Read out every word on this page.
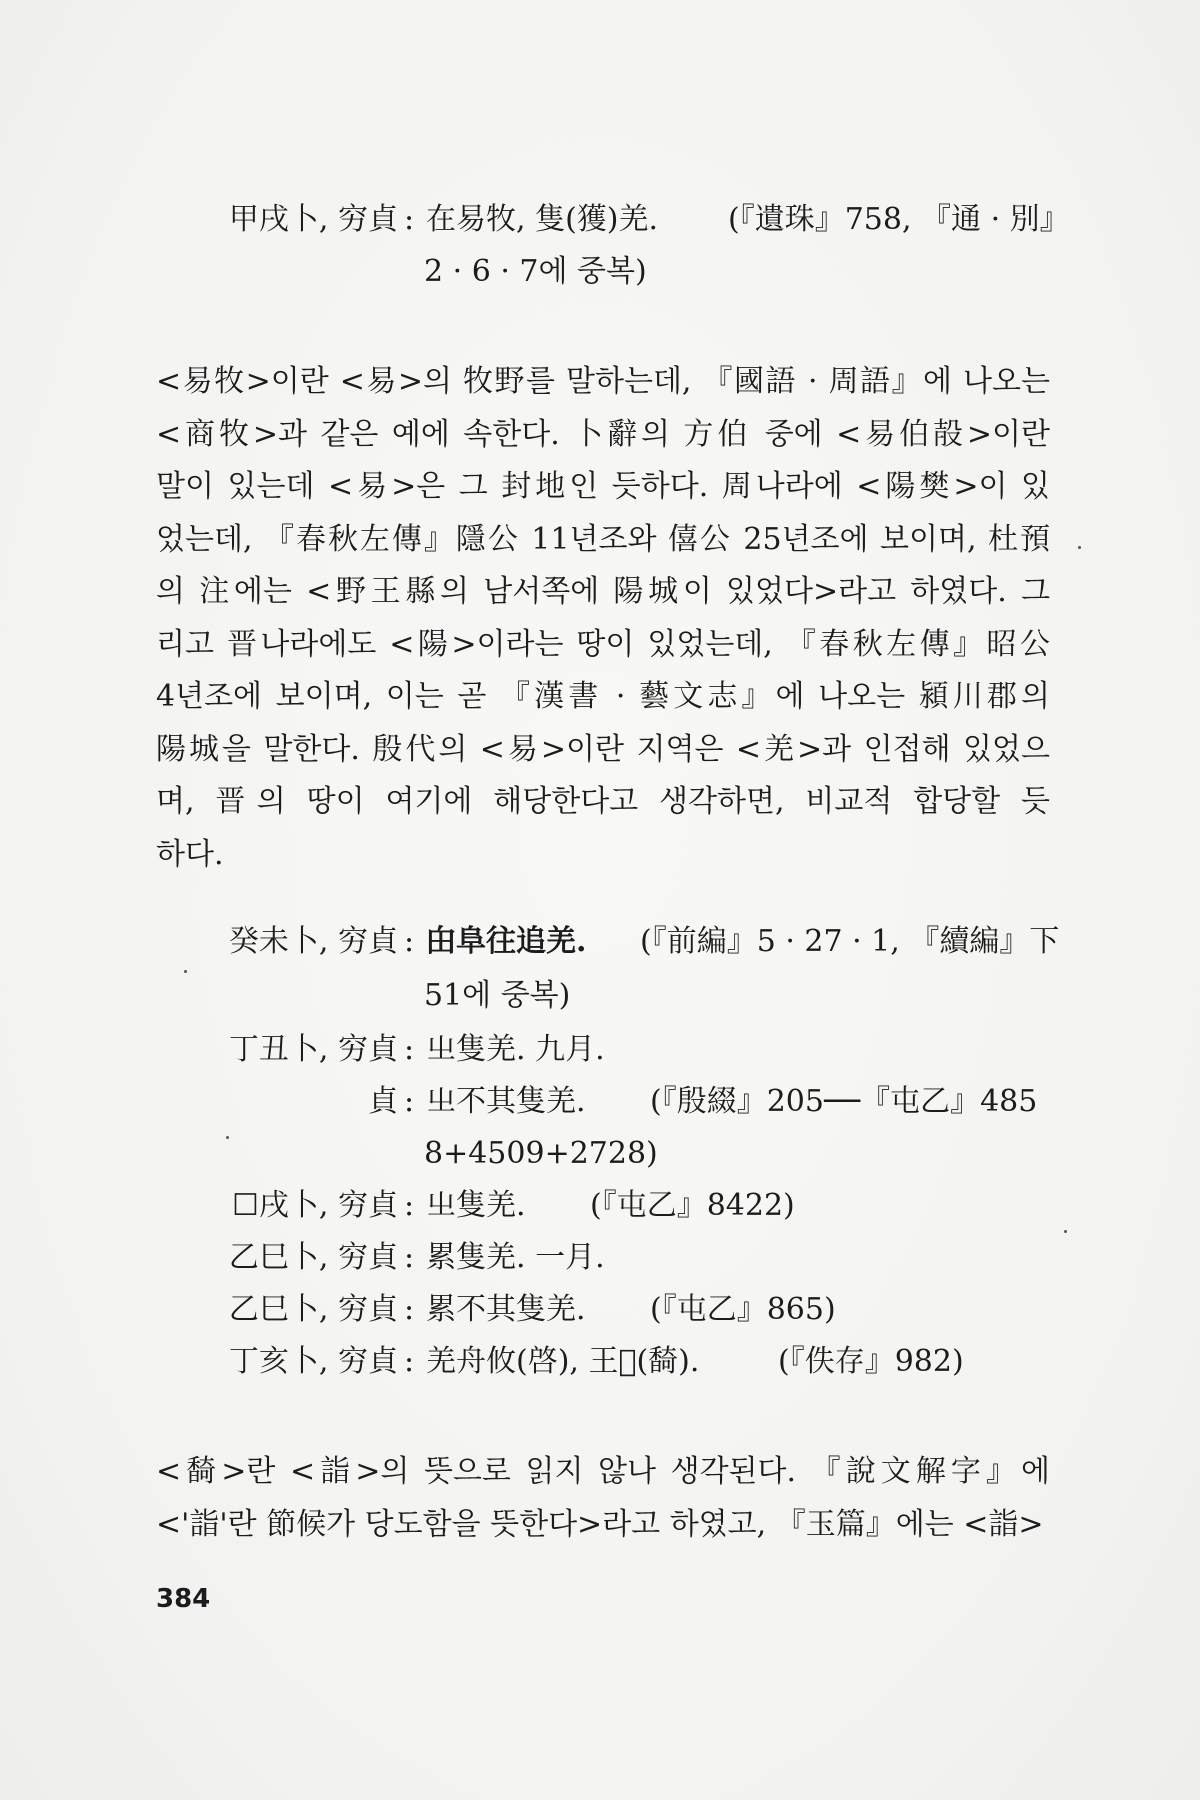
甲戌卜, 穷貞 : 在易牧, 隻(獲)羌. (『遺珠』758, 『通 · 別』
2 · 6 · 7에 중복)
<易牧>이란 <易>의 牧野를 말하는데, 『國語 · 周語』에 나오는
<商牧>과 같은 예에 속한다. 卜辭의 方伯 중에 <易伯㱿>이란
말이 있는데 <易>은 그 封地인 듯하다. 周나라에 <陽樊>이 있
었는데, 『春秋左傳』隱公 11년조와 僖公 25년조에 보이며, 杜預
의 注에는 <野王縣의 남서쪽에 陽城이 있었다>라고 하였다. 그
리고 晋나라에도 <陽>이라는 땅이 있었는데, 『春秋左傳』昭公
4년조에 보이며, 이는 곧 『漢書 · 藝文志』에 나오는 潁川郡의
陽城을 말한다. 殷代의 <易>이란 지역은 <羌>과 인접해 있었으
며, 晋의 땅이 여기에 해당한다고 생각하면, 비교적 합당할 듯
하다.
癸未卜, 穷貞 : 甶阜往追羌. (『前編』5 · 27 · 1, 『續編』下
51에 중복)
丁丑卜, 穷貞 : 㞢隻羌. 九月.
貞 : 㞢不其隻羌. (『殷綴』205──『屯乙』485
8+4509+2728)
☐戌卜, 穷貞 : 㞢隻羌. (『屯乙』8422)
乙巳卜, 穷貞 : 累隻羌. 一月.
乙巳卜, 穷貞 : 累不其隻羌. (『屯乙』865)
丁亥卜, 穷貞 : 羌舟攸(啓), 王𢎠(䭲).	(『佚存』982)
<䭲>란 <詣>의 뜻으로 읽지 않나 생각된다. 『說文解字』에
<'詣'란 節候가 당도함을 뜻한다>라고 하였고, 『玉篇』에는 <詣>
384
